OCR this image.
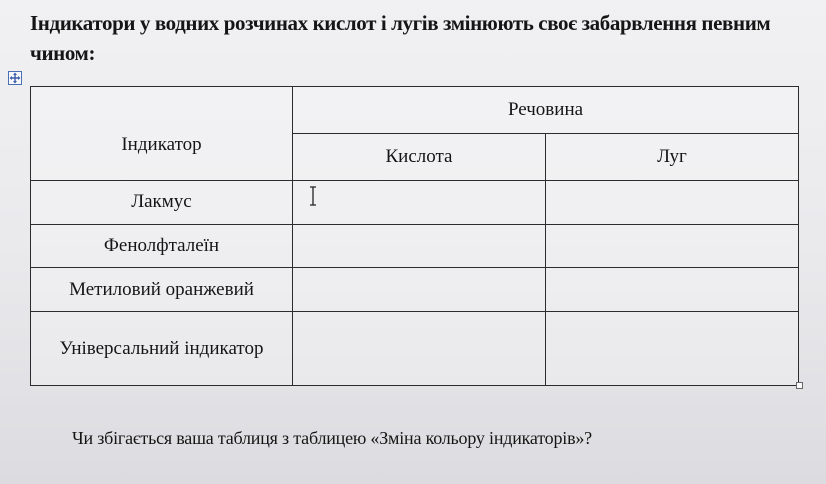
Індикатори у водних розчинах кислот і лугів змінюють своє забарвлення певним чином:

Індикатор	Речовина	
	Кислота	Луг
Лакмус		
Фенолфталеїн		
Метиловий оранжевий		
Універсальний індикатор		

Чи збігається ваша таблиця з таблицею «Зміна кольору індикаторів»?
